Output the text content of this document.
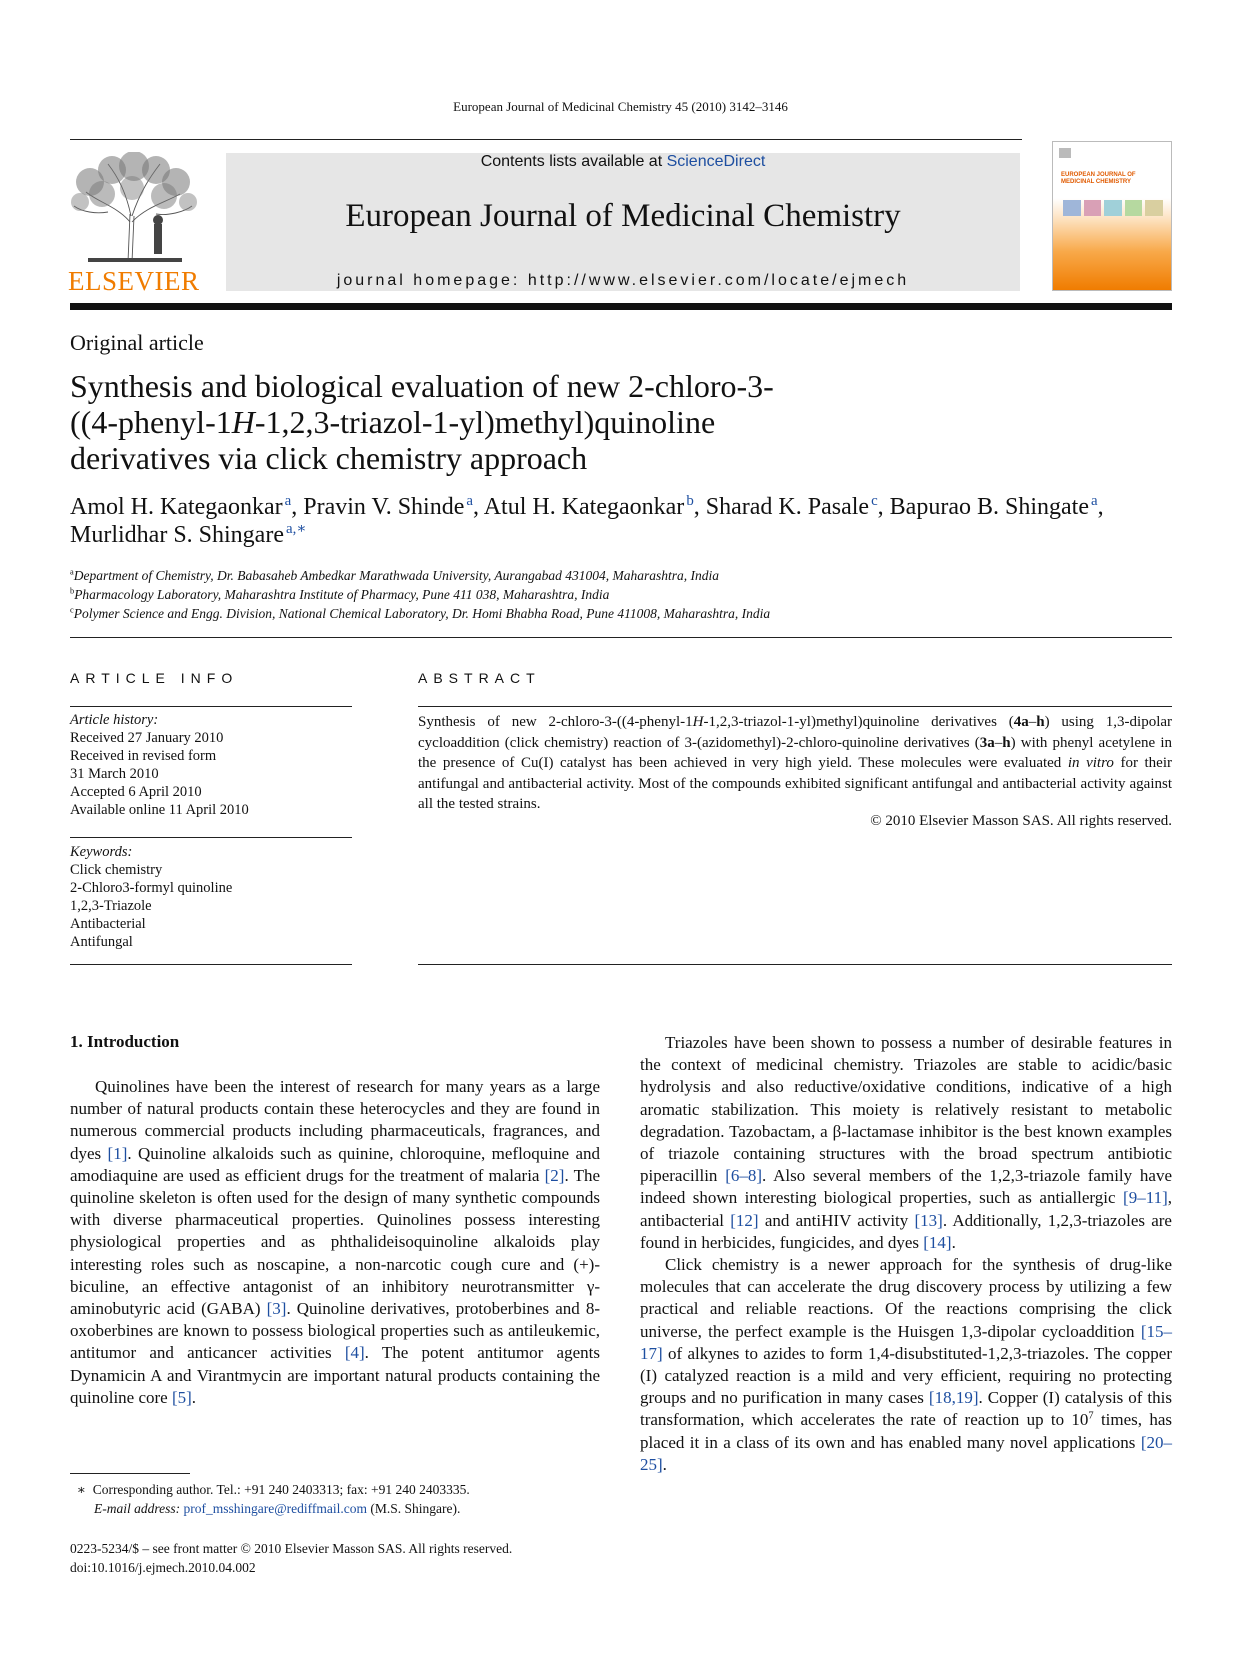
European Journal of Medicinal Chemistry 45 (2010) 3142–3146
ELSEVIER
Contents lists available at ScienceDirect
European Journal of Medicinal Chemistry
journal homepage: http://www.elsevier.com/locate/ejmech
EUROPEAN JOURNAL OF MEDICINAL CHEMISTRY
Original article
Synthesis and biological evaluation of new 2-chloro-3-
((4-phenyl-1H-1,2,3-triazol-1-yl)methyl)quinoline
derivatives via click chemistry approach
Amol H. Kategaonkar  $^a$, Pravin V. Shinde  $^a$, Atul H. Kategaonkar  $^b$, Sharad K. Pasale  $^c$, Bapurao B. Shingate  $^a$,
Murlidhar S. Shingare  $^{a,∗}$
$^a$Department of Chemistry, Dr. Babasaheb Ambedkar Marathwada University, Aurangabad 431004, Maharashtra, India
$^b$Pharmacology Laboratory, Maharashtra Institute of Pharmacy, Pune 411 038, Maharashtra, India
$^c$Polymer Science and Engg. Division, National Chemical Laboratory, Dr. Homi Bhabha Road, Pune 411008, Maharashtra, India
ARTICLE INFO	ABSTRACT
Article history:
Received 27 January 2010
Received in revised form
31 March 2010
Accepted 6 April 2010
Available online 11 April 2010
Keywords:
Click chemistry
2-Chloro3-formyl quinoline
1,2,3-Triazole
Antibacterial
Antifungal
Synthesis of new 2-chloro-3-((4-phenyl-1H-1,2,3-triazol-1-yl)methyl)quinoline derivatives (4a–h) using 1,3-dipolar cycloaddition (click chemistry) reaction of 3-(azidomethyl)-2-chloro-quinoline derivatives (3a–h) with phenyl acetylene in the presence of Cu(I) catalyst has been achieved in very high yield. These molecules were evaluated in vitro for their antifungal and antibacterial activity. Most of the compounds exhibited significant antifungal and antibacterial activity against all the tested strains.
© 2010 Elsevier Masson SAS. All rights reserved.
1. Introduction

Quinolines have been the interest of research for many years as a large number of natural products contain these heterocycles and they are found in numerous commercial products including pharmaceuticals, fragrances, and dyes [1]. Quinoline alkaloids such as quinine, chloroquine, mefloquine and amodiaquine are used as efficient drugs for the treatment of malaria [2]. The quinoline skeleton is often used for the design of many synthetic compounds with diverse pharmaceutical properties. Quinolines possess interesting physiological properties and as phthalideisoquinoline alkaloids play interesting roles such as noscapine, a non-narcotic cough cure and (+)-biculine, an effective antagonist of an inhibitory neurotransmitter γ-aminobutyric acid (GABA) [3]. Quinoline derivatives, protoberbines and 8-oxoberbines are known to possess biological properties such as antileukemic, antitumor and anticancer activities [4]. The potent antitumor agents Dynamicin A and Virantmycin are important natural products containing the quinoline core [5].

Triazoles have been shown to possess a number of desirable features in the context of medicinal chemistry. Triazoles are stable to acidic/basic hydrolysis and also reductive/oxidative conditions, indicative of a high aromatic stabilization. This moiety is relatively resistant to metabolic degradation. Tazobactam, a β-lactamase inhibitor is the best known examples of triazole containing structures with the broad spectrum antibiotic piperacillin [6–8]. Also several members of the 1,2,3-triazole family have indeed shown interesting biological properties, such as antiallergic [9–11], antibacterial [12] and antiHIV activity [13]. Additionally, 1,2,3-triazoles are found in herbicides, fungicides, and dyes [14].

Click chemistry is a newer approach for the synthesis of drug-like molecules that can accelerate the drug discovery process by utilizing a few practical and reliable reactions. Of the reactions comprising the click universe, the perfect example is the Huisgen 1,3-dipolar cycloaddition [15–17] of alkynes to azides to form 1,4-disubstituted-1,2,3-triazoles. The copper (I) catalyzed reaction is a mild and very efficient, requiring no protecting groups and no purification in many cases [18,19]. Copper (I) catalysis of this transformation, which accelerates the rate of reaction up to $10^7$ times, has placed it in a class of its own and has enabled many novel applications [20–25].

∗ Corresponding author. Tel.: +91 240 2403313; fax: +91 240 2403335.
E-mail address: prof_msshingare@rediffmail.com (M.S. Shingare).
0223-5234/$ – see front matter © 2010 Elsevier Masson SAS. All rights reserved.
doi:10.1016/j.ejmech.2010.04.002
